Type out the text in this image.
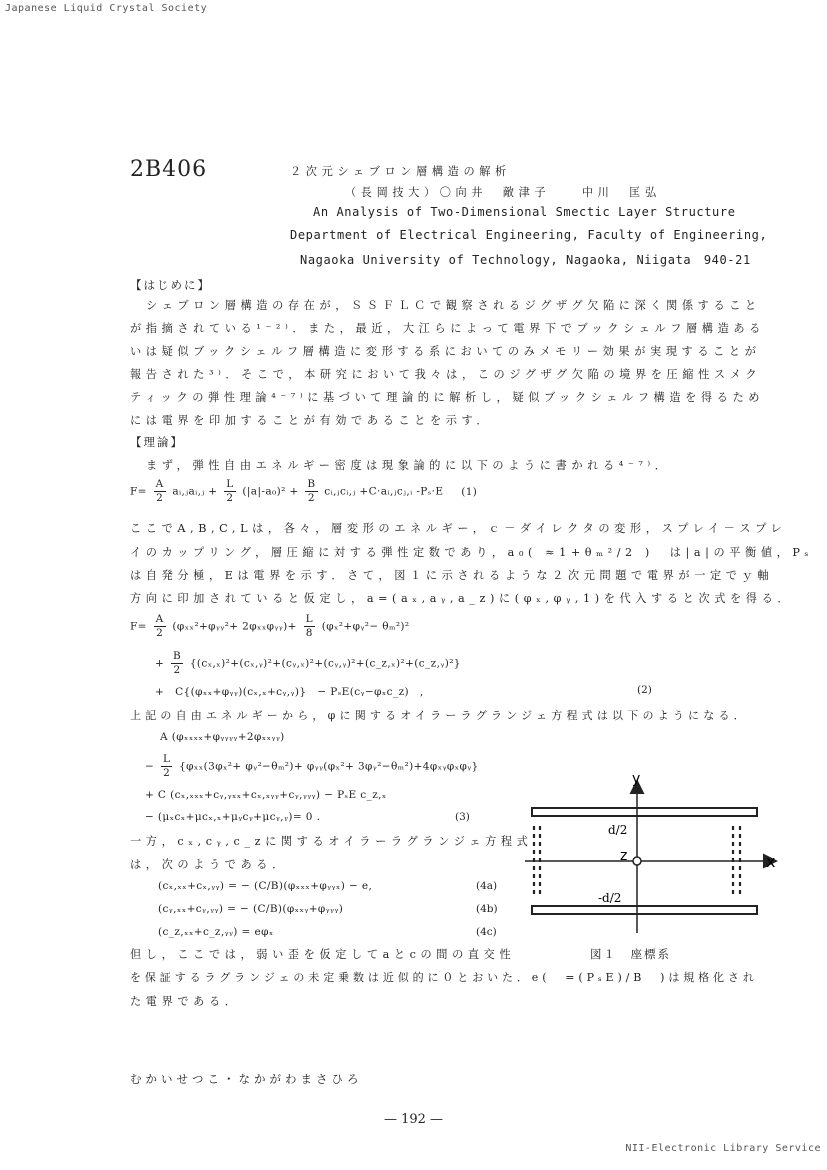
Japanese Liquid Crystal Society
NII-Electronic Library Service
— 192 —
2B406	２次元シェブロン層構造の解析
（長岡技大）〇向井　敵津子　　中川　匡弘
An Analysis of Two-Dimensional Smectic Layer Structure
Department of Electrical Engineering, Faculty of Engineering,
Nagaoka University of Technology, Nagaoka, Niigata　940-21
【はじめに】
シェブロン層構造の存在が，ＳＳＦＬＣで観察されるジグザグ欠陥に深く関係すること
が指摘されている¹⁻²⁾．また，最近，大江らによって電界下でブックシェルフ層構造ある
いは疑似ブックシェルフ層構造に変形する系においてのみメモリー効果が実現することが
報告された³⁾．そこで，本研究において我々は，このジグザグ欠陥の境界を圧縮性スメク
ティックの弾性理論⁴⁻⁷⁾に基づいて理論的に解析し，疑似ブックシェルフ構造を得るため
には電界を印加することが有効であることを示す．
【理論】
まず，弾性自由エネルギー密度は現象論的に以下のように書かれる⁴⁻⁷⁾．
$F= \frac{A}{2}$ aᵢ,ⱼaᵢ,ⱼ + $\frac{L}{2} (|a|-a_0)^2 + \frac{B}{2}$ cᵢ,ⱼcᵢ,ⱼ +C·aᵢ,ⱼcⱼ,ᵢ -Pₛ·E (1)
ここでA,B,C,Lは，各々，層変形のエネルギー，ｃ－ダイレクタの変形，スプレイ－スプレ
イのカップリング，層圧縮に対する弾性定数であり，a₀( ≈1+θₘ²/2 )　は|a|の平衡値，Pₛ
は自発分極，Eは電界を示す．さて，図１に示されるような２次元問題で電界が一定でｙ軸
方向に印加されていると仮定し，a=(aₓ,aᵧ,a_z)に(φₓ,φᵧ,1)を代入すると次式を得る．
$F= \frac{A}{2}$ (φₓₓ²+φᵧᵧ²+ 2φₓₓφᵧᵧ)+ $\frac{L}{8}$ (φₓ²+φᵧ²− θₘ²)²
+ $\frac{B}{2}$ {(cₓ,ₓ)²+(cₓ,ᵧ)²+(cᵧ,ₓ)²+(cᵧ,ᵧ)²+(c_z,ₓ)²+(c_z,ᵧ)²}
+　C{(φₓₓ+φᵧᵧ)(cₓ,ₓ+cᵧ,ᵧ)}　− PₛE(cᵧ−φₓc_z)　,	(2)
上記の自由エネルギーから，φに関するオイラーラグランジェ方程式は以下のようになる．
A (φₓₓₓₓ+φᵧᵧᵧᵧ+2φₓₓᵧᵧ)
− $\frac{L}{2} \{\varphi_{xx}(3\varphi_x^2+$ φᵧ²−θₘ²)+ φᵧᵧ(φₓ²+ 3φᵧ²−θₘ²)+4φₓᵧφₓφᵧ}
+ C (cₓ,ₓₓₓ+cᵧ,ᵧₓₓ+cₓ,ₓᵧᵧ+cᵧ,ᵧᵧᵧ) − PₛE c_z,ₓ
− (μₓcₓ+μcₓ,ₓ+μᵧcᵧ+μcᵧ,ᵧ)= 0 .	(3)
一方，cₓ,cᵧ,c_zに関するオイラーラグランジェ方程式
は，次のようである．
(cₓ,ₓₓ+cₓ,ᵧᵧ) = − (C/B)(φₓₓₓ+φᵧᵧₓ) − e,	(4a)
(cᵧ,ₓₓ+cᵧ,ᵧᵧ) = − (C/B)(φₓₓᵧ+φᵧᵧᵧ)	(4b)
(c_z,ₓₓ+c_z,ᵧᵧ) = eφₓ	(4c)
但し，ここでは，弱い歪を仮定してaとcの間の直交性
を保証するラグランジェの未定乗数は近似的に０とおいた．e(　=(PₛE)/B　)は規格化され
た電界である．
y
x
z
d/2
-d/2
図１　座標系
むかいせつこ・なかがわまさひろ
